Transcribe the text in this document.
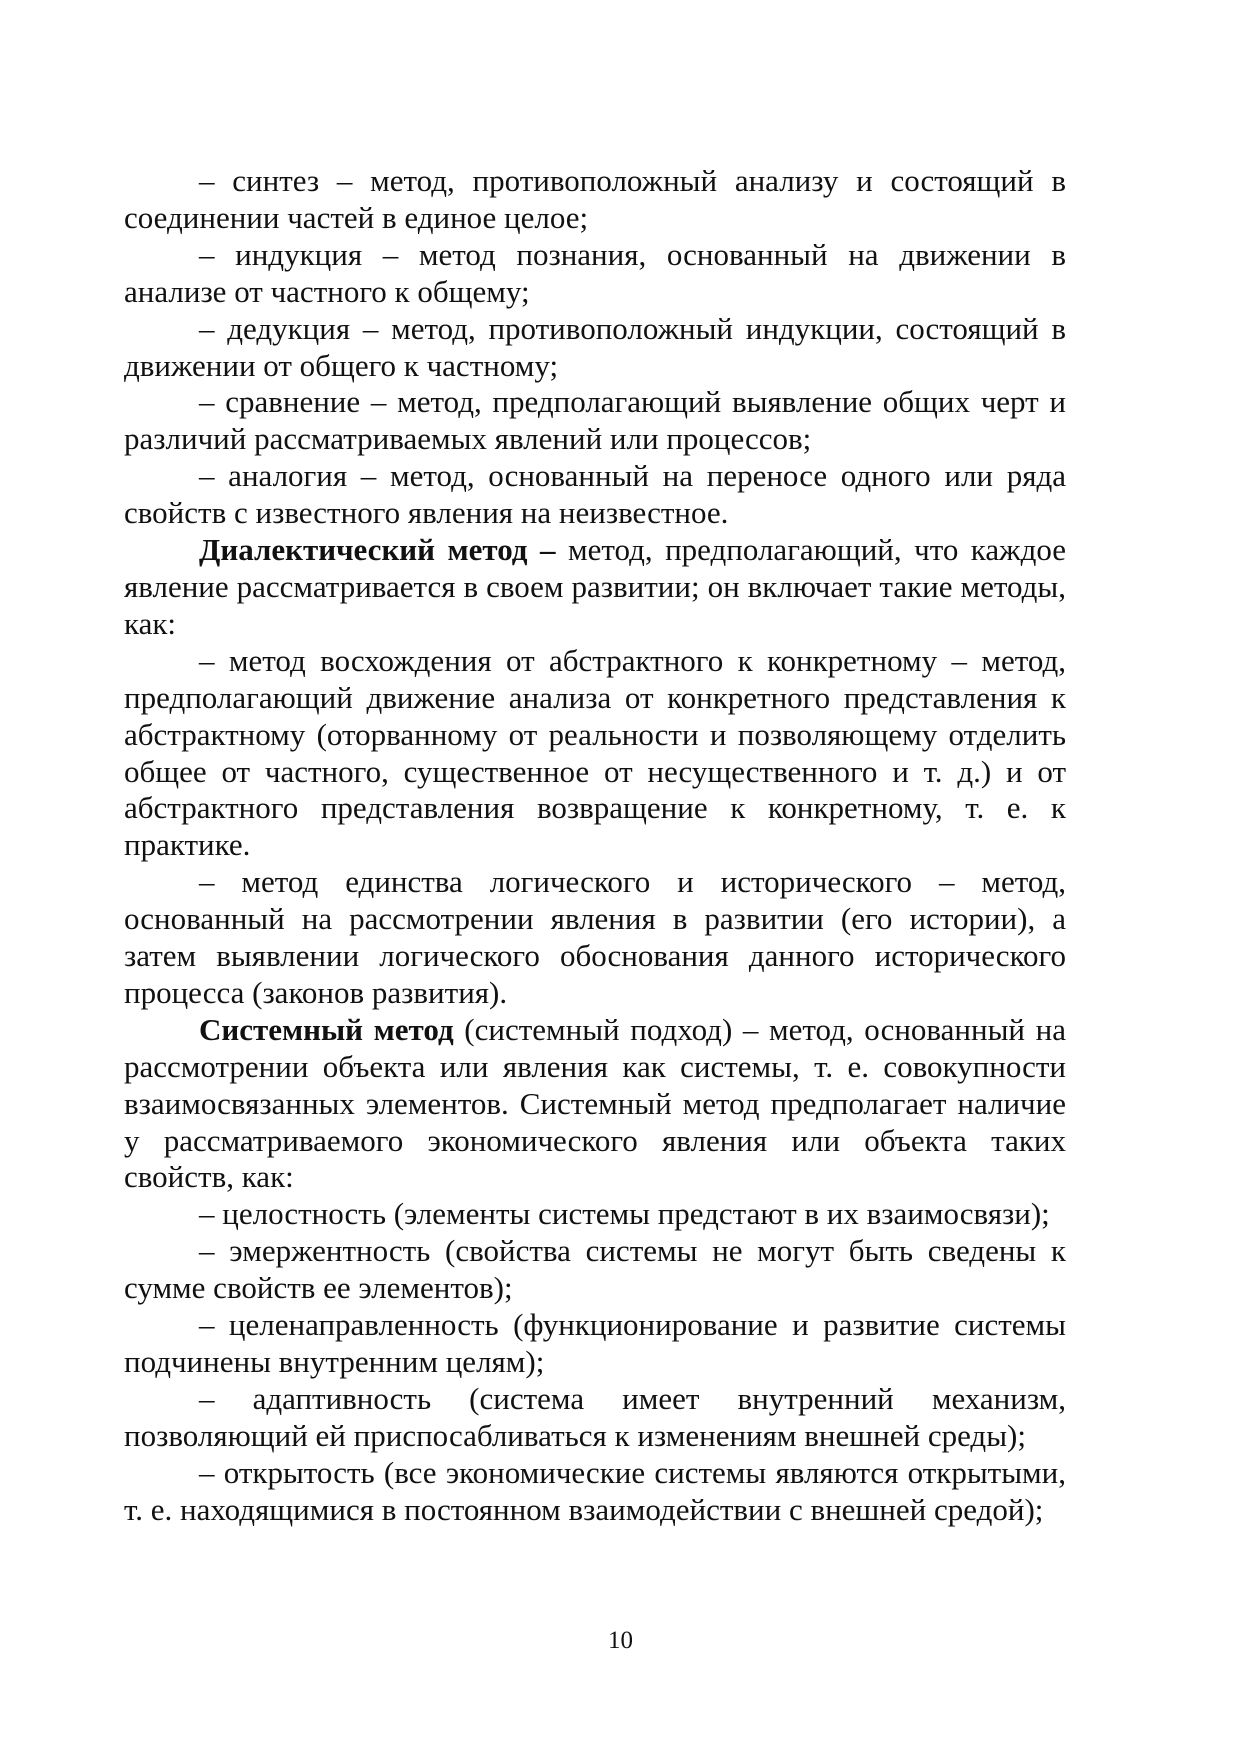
– синтез – метод, противоположный анализу и состоящий в соединении частей в единое целое;

– индукция – метод познания, основанный на движении в анализе от частного к общему;

– дедукция – метод, противоположный индукции, состоящий в движении от общего к частному;

– сравнение – метод, предполагающий выявление общих черт и различий рассматриваемых явлений или процессов;

– аналогия – метод, основанный на переносе одного или ряда свойств с известного явления на неизвестное.

Диалектический метод – метод, предполагающий, что каждое явление рассматривается в своем развитии; он включает такие методы, как:

– метод восхождения от абстрактного к конкретному – метод, предполагающий движение анализа от конкретного представления к абстрактному (оторванному от реальности и позволяющему отделить общее от частного, существенное от несущественного и т. д.) и от абстрактного представления возвращение к конкретному, т. е. к практике.

– метод единства логического и исторического – метод, основанный на рассмотрении явления в развитии (его истории), а затем выявлении логического обоснования данного исторического процесса (законов развития).

Системный метод (системный подход) – метод, основанный на рассмотрении объекта или явления как системы, т. е. совокупности взаимосвязанных элементов. Системный метод предполагает наличие у рассматриваемого экономического явления или объекта таких свойств, как:

– целостность (элементы системы предстают в их взаимосвязи);

– эмержентность (свойства системы не могут быть сведены к сумме свойств ее элементов);

– целенаправленность (функционирование и развитие системы подчинены внутренним целям);

– адаптивность (система имеет внутренний механизм, позволяющий ей приспосабливаться к изменениям внешней среды);

– открытость (все экономические системы являются открытыми, т. е. находящимися в постоянном взаимодействии с внешней средой);

10
